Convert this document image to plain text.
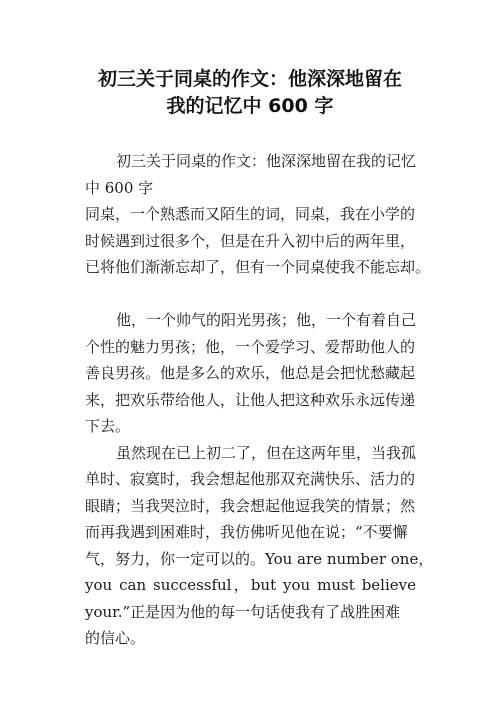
初三关于同桌的作文：他深深地留在
我的记忆中 600 字
初三关于同桌的作文：他深深地留在我的记忆
中 600 字
同桌，一个熟悉而又陌生的词，同桌，我在小学的
时候遇到过很多个，但是在升入初中后的两年里，
已将他们渐渐忘却了，但有一个同桌使我不能忘却。
他，一个帅气的阳光男孩；他，一个有着自己
个性的魅力男孩；他，一个爱学习、爱帮助他人的
善良男孩。他是多么的欢乐，他总是会把忧愁藏起
来，把欢乐带给他人，让他人把这种欢乐永远传递
下去。
虽然现在已上初二了，但在这两年里，当我孤
单时、寂寞时，我会想起他那双充满快乐、活力的
眼睛；当我哭泣时，我会想起他逗我笑的情景；然
而再我遇到困难时，我仿佛听见他在说；“不要懈
气，努力，你一定可以的。You are number one，
you can successful，but you must believe
your.”正是因为他的每一句话使我有了战胜困难
的信心。
